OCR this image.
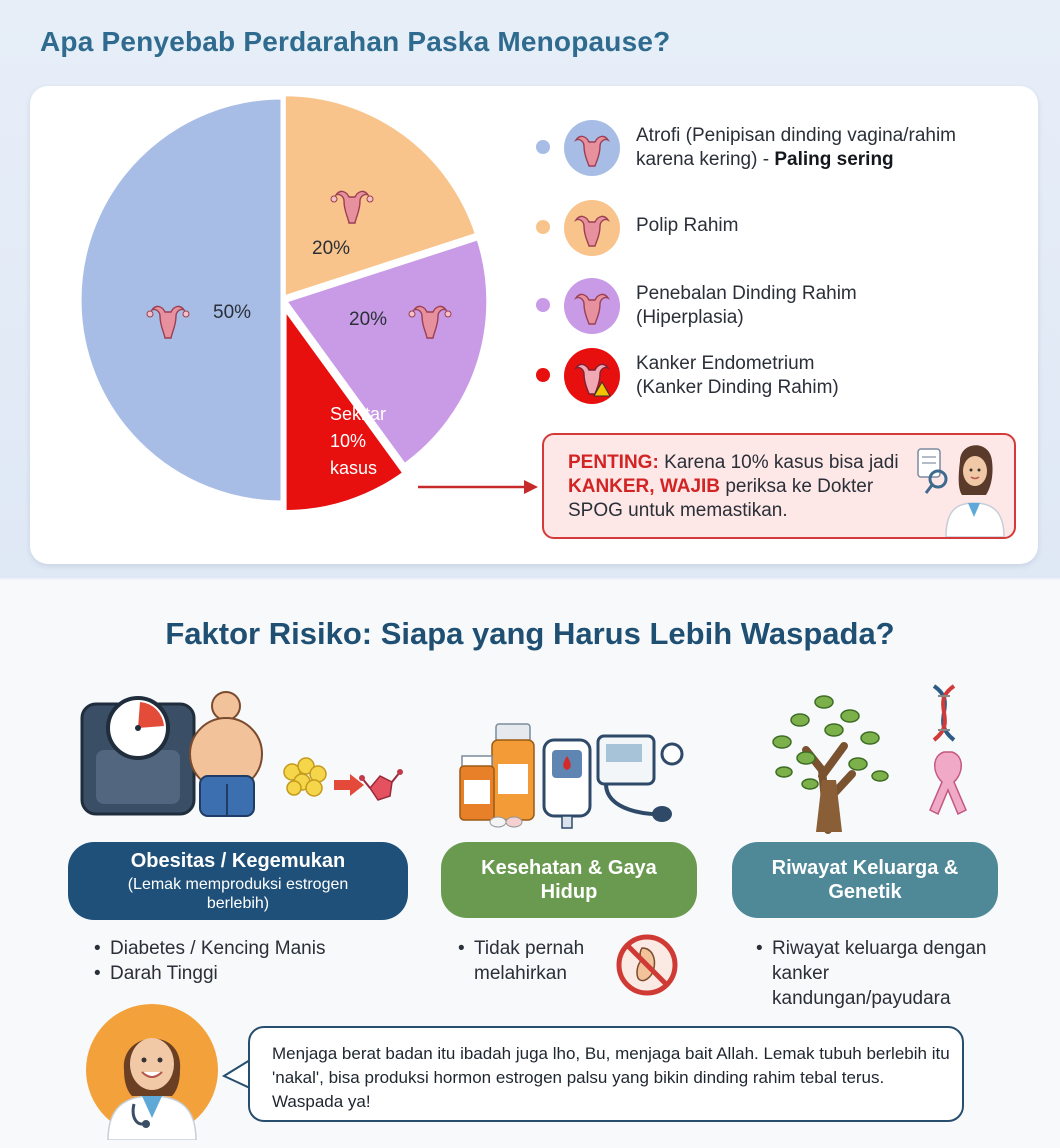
Apa Penyebab Perdarahan Paska Menopause?
50%
20%
20%
Sekitar
10%
kasus
Atrofi (Penipisan dinding vagina/rahim karena kering) - Paling sering
Polip Rahim
Penebalan Dinding Rahim
(Hiperplasia)
Kanker Endometrium
(Kanker Dinding Rahim)

PENTING: Karena 10% kasus bisa jadi KANKER, WAJIB periksa ke Dokter SPOG untuk memastikan.

Faktor Risiko: Siapa yang Harus Lebih Waspada?
Obesitas / Kegemukan
(Lemak memproduksi estrogen berlebih)
Kesehatan & Gaya Hidup
Riwayat Keluarga & Genetik
• Diabetes / Kencing Manis
• Darah Tinggi
• Tidak pernah melahirkan
• Riwayat keluarga dengan kanker kandungan/payudara

Menjaga berat badan itu ibadah juga lho, Bu, menjaga bait Allah. Lemak tubuh berlebih itu 'nakal', bisa produksi hormon estrogen palsu yang bikin dinding rahim tebal terus. Waspada ya!
